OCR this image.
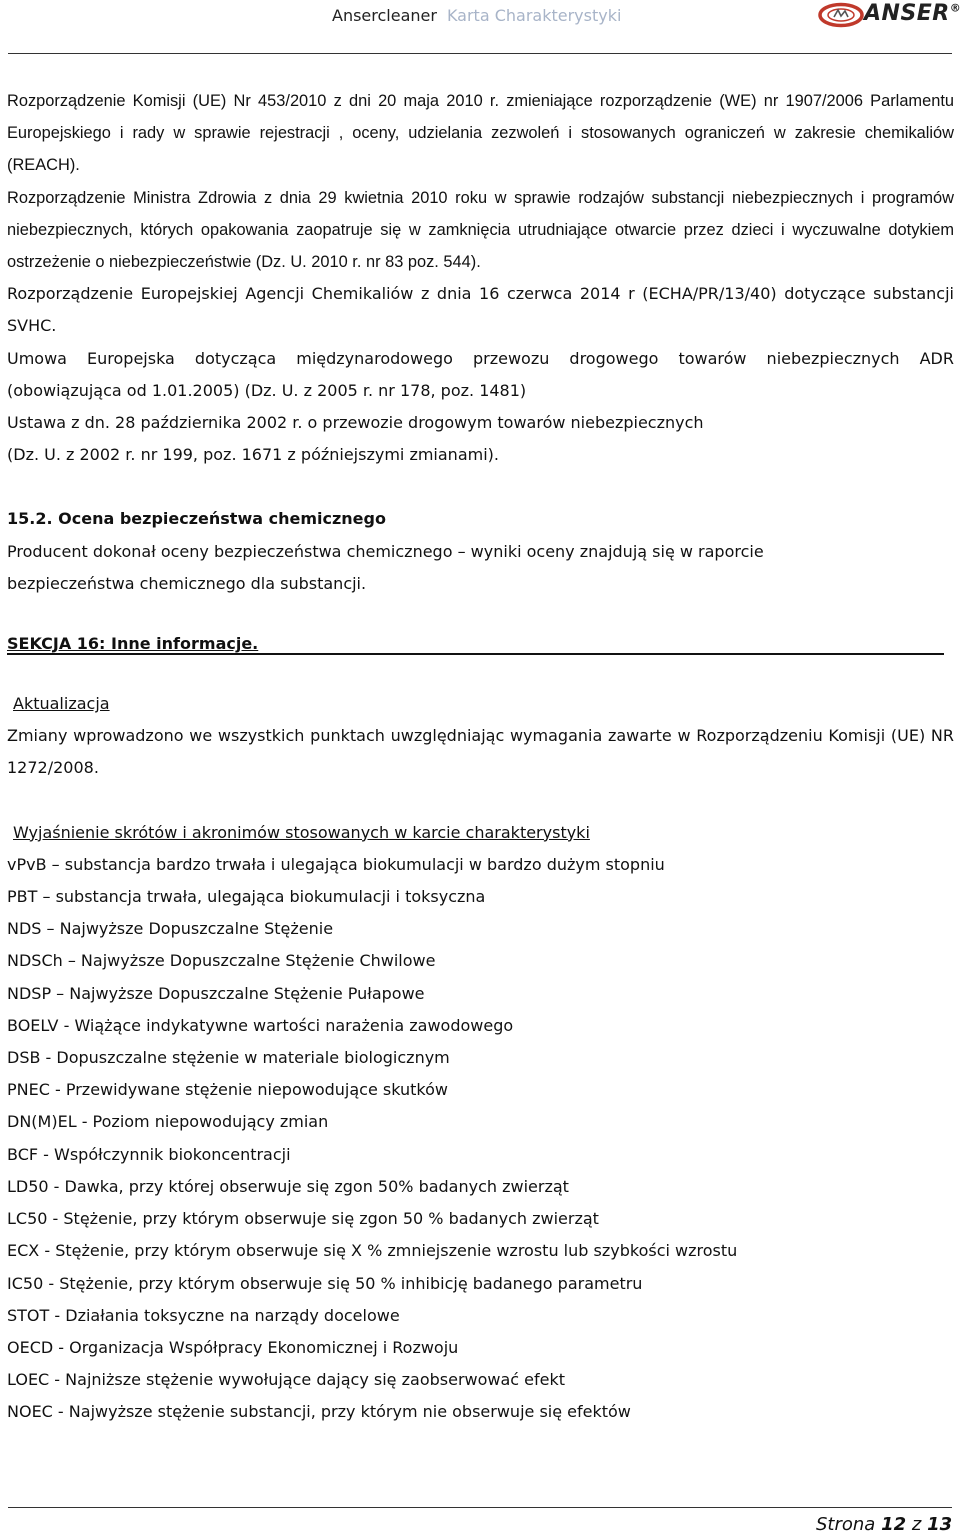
Ansercleaner Karta Charakterystyki	ANSER®

Rozporządzenie Komisji (UE) Nr 453/2010 z dni 20 maja 2010 r. zmieniające rozporządzenie (WE) nr 1907/2006 Parlamentu Europejskiego i rady w sprawie rejestracji , oceny, udzielania zezwoleń i stosowanych ograniczeń w zakresie chemikaliów (REACH).

Rozporządzenie Ministra Zdrowia z dnia 29 kwietnia 2010 roku w sprawie rodzajów substancji niebezpiecznych i programów niebezpiecznych, których opakowania zaopatruje się w zamknięcia utrudniające otwarcie przez dzieci i wyczuwalne dotykiem ostrzeżenie o niebezpieczeństwie (Dz. U. 2010 r. nr 83 poz. 544).

Rozporządzenie Europejskiej Agencji Chemikaliów z dnia 16 czerwca 2014 r (ECHA/PR/13/40) dotyczące substancji SVHC.

Umowa Europejska dotycząca międzynarodowego przewozu drogowego towarów niebezpiecznych ADR (obowiązująca od 1.01.2005) (Dz. U. z 2005 r. nr 178, poz. 1481)

Ustawa z dn. 28 października 2002 r. o przewozie drogowym towarów niebezpiecznych

(Dz. U. z 2002 r. nr 199, poz. 1671 z późniejszymi zmianami).

15.2. Ocena bezpieczeństwa chemicznego

Producent dokonał oceny bezpieczeństwa chemicznego – wyniki oceny znajdują się w raporcie bezpieczeństwa chemicznego dla substancji.

SEKCJA 16: Inne informacje.

Aktualizacja

Zmiany wprowadzono we wszystkich punktach uwzględniając wymagania zawarte w Rozporządzeniu Komisji (UE) NR 1272/2008.

Wyjaśnienie skrótów i akronimów stosowanych w karcie charakterystyki

vPvB – substancja bardzo trwała i ulegająca biokumulacji w bardzo dużym stopniu

PBT – substancja trwała, ulegająca biokumulacji i toksyczna

NDS – Najwyższe Dopuszczalne Stężenie

NDSCh – Najwyższe Dopuszczalne Stężenie Chwilowe

NDSP – Najwyższe Dopuszczalne Stężenie Pułapowe

BOELV - Wiążące indykatywne wartości narażenia zawodowego

DSB - Dopuszczalne stężenie w materiale biologicznym

PNEC - Przewidywane stężenie niepowodujące skutków

DN(M)EL - Poziom niepowodujący zmian

BCF - Współczynnik biokoncentracji

LD50 - Dawka, przy której obserwuje się zgon 50% badanych zwierząt

LC50 - Stężenie, przy którym obserwuje się zgon 50 % badanych zwierząt

ECX - Stężenie, przy którym obserwuje się X % zmniejszenie wzrostu lub szybkości wzrostu

IC50 - Stężenie, przy którym obserwuje się 50 % inhibicję badanego parametru

STOT - Działania toksyczne na narządy docelowe

OECD - Organizacja Współpracy Ekonomicznej i Rozwoju

LOEC - Najniższe stężenie wywołujące dający się zaobserwować efekt

NOEC - Najwyższe stężenie substancji, przy którym nie obserwuje się efektów

Strona 12 z 13
